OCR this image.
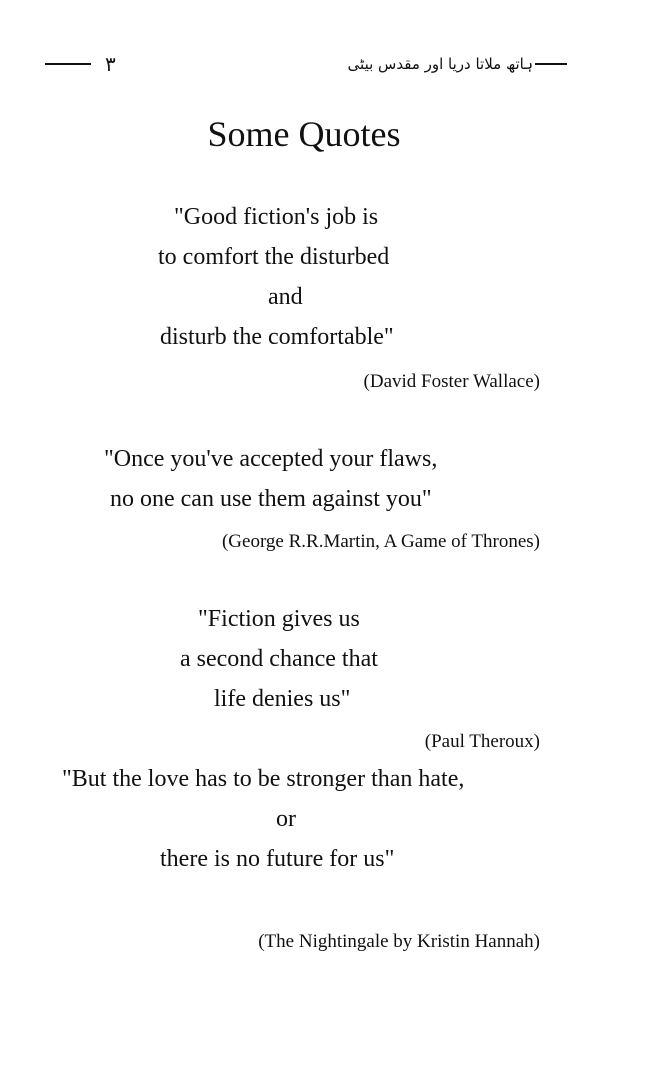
٣	ہاتھ ملاتا دریا اور مقدس بیٹی
Some Quotes
"Good fiction's job is
to comfort the disturbed
and
disturb the comfortable"
(David Foster Wallace)
"Once you've accepted your flaws,
no one can use them against you"
(George R.R.Martin, A Game of Thrones)
"Fiction gives us
a second chance that
life denies us"
(Paul Theroux)
"But the love has to be stronger than hate,
or
there is no future for us"
(The Nightingale by Kristin Hannah)
